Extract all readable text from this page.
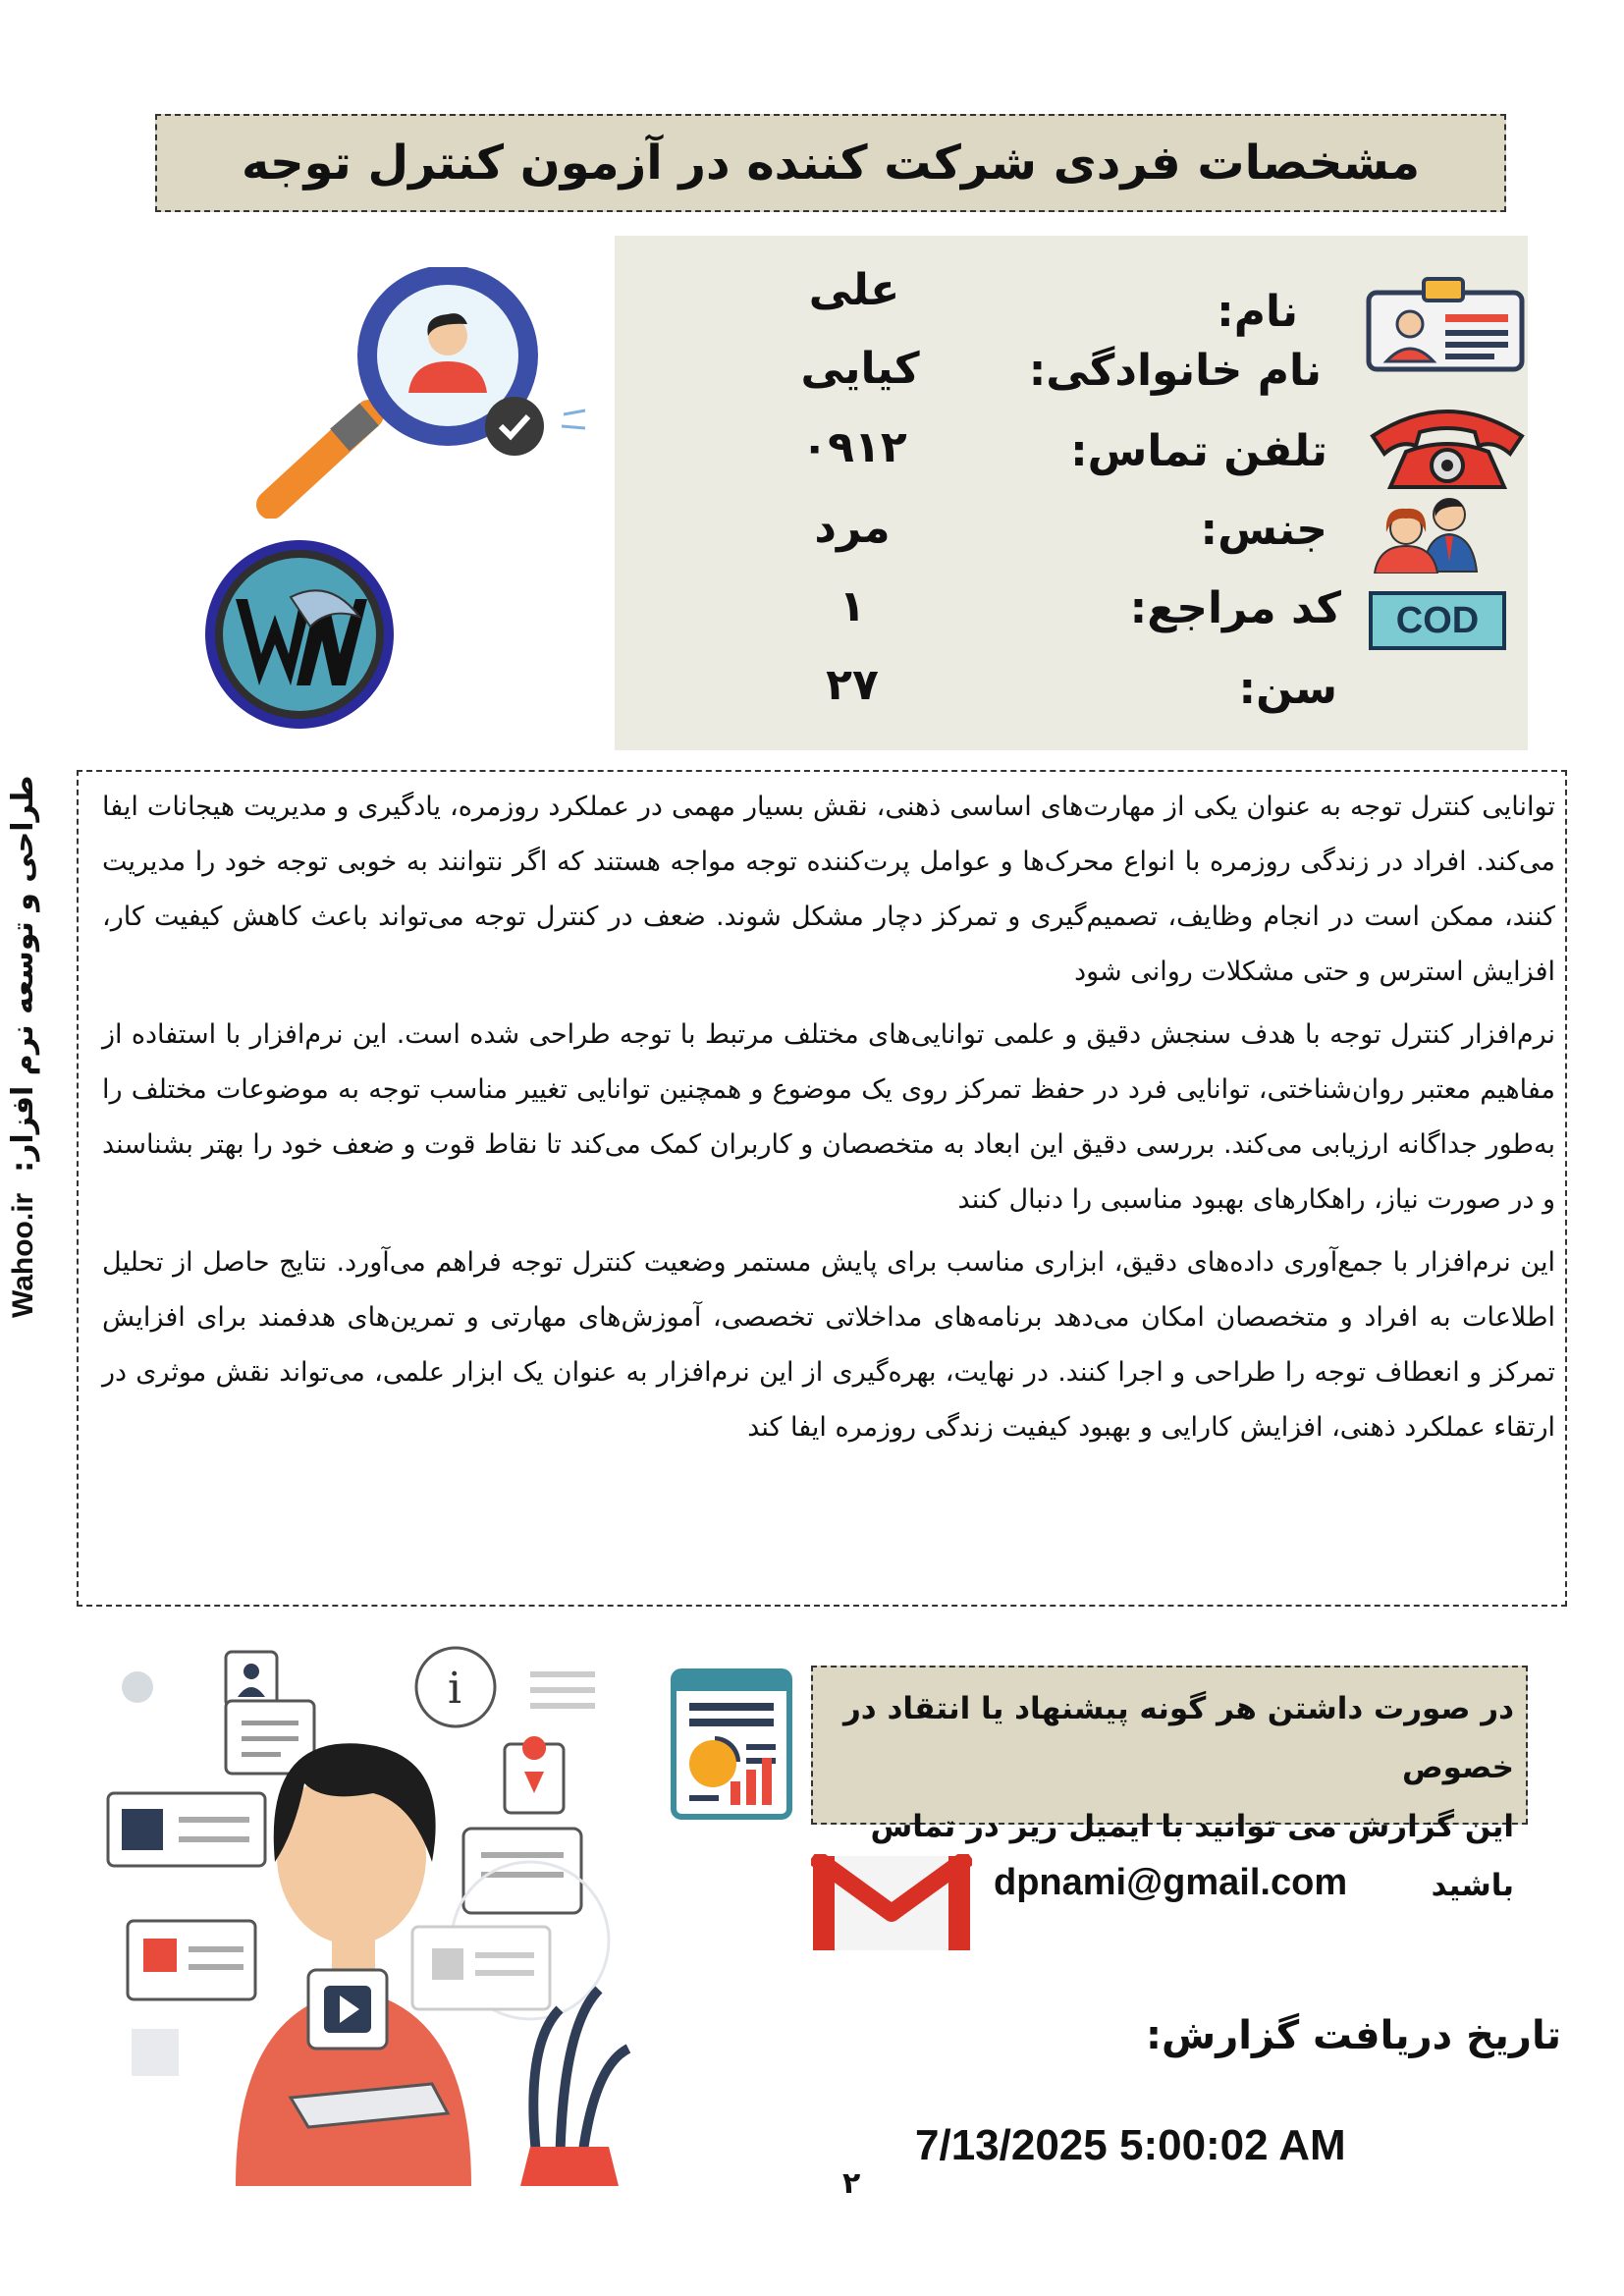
مشخصات فردی شرکت کننده در آزمون کنترل توجه
COD
نام:
نام خانوادگی:
تلفن تماس:
جنس:
کد مراجع:
سن:
علی
کیایی
۰۹۱۲
مرد
۱
۲۷
طراحی و توسعه نرم افزار:  Wahoo.ir

توانایی کنترل توجه به عنوان یکی از مهارت‌های اساسی ذهنی، نقش بسیار مهمی در عملکرد روزمره، یادگیری و مدیریت هیجانات ایفا می‌کند. افراد در زندگی روزمره با انواع محرک‌ها و عوامل پرت‌کننده توجه مواجه هستند که اگر نتوانند به خوبی توجه خود را مدیریت کنند، ممکن است در انجام وظایف، تصمیم‌گیری و تمرکز دچار مشکل شوند. ضعف در کنترل توجه می‌تواند باعث کاهش کیفیت کار، افزایش استرس و حتی مشکلات روانی شود

نرم‌افزار کنترل توجه با هدف سنجش دقیق و علمی توانایی‌های مختلف مرتبط با توجه طراحی شده است. این نرم‌افزار با استفاده از مفاهیم معتبر روان‌شناختی، توانایی فرد در حفظ تمرکز روی یک موضوع و همچنین توانایی تغییر مناسب توجه به موضوعات مختلف را به‌طور جداگانه ارزیابی می‌کند. بررسی دقیق این ابعاد به متخصصان و کاربران کمک می‌کند تا نقاط قوت و ضعف خود را بهتر بشناسند و در صورت نیاز، راهکارهای بهبود مناسبی را دنبال کنند

این نرم‌افزار با جمع‌آوری داده‌های دقیق، ابزاری مناسب برای پایش مستمر وضعیت کنترل توجه فراهم می‌آورد. نتایج حاصل از تحلیل اطلاعات به افراد و متخصصان امکان می‌دهد برنامه‌های مداخلاتی تخصصی، آموزش‌های مهارتی و تمرین‌های هدفمند برای افزایش تمرکز و انعطاف توجه را طراحی و اجرا کنند. در نهایت، بهره‌گیری از این نرم‌افزار به عنوان یک ابزار علمی، می‌تواند نقش موثری در ارتقاء عملکرد ذهنی، افزایش کارایی و بهبود کیفیت زندگی روزمره ایفا کند

i	در صورت داشتن هر گونه پیشنهاد یا انتقاد در خصوص
این گزارش می توانید با ایمیل زیر در تماس باشید
dpnami@gmail.com
تاریخ دریافت گزارش:
7/13/2025 5:00:02 AM
۲
